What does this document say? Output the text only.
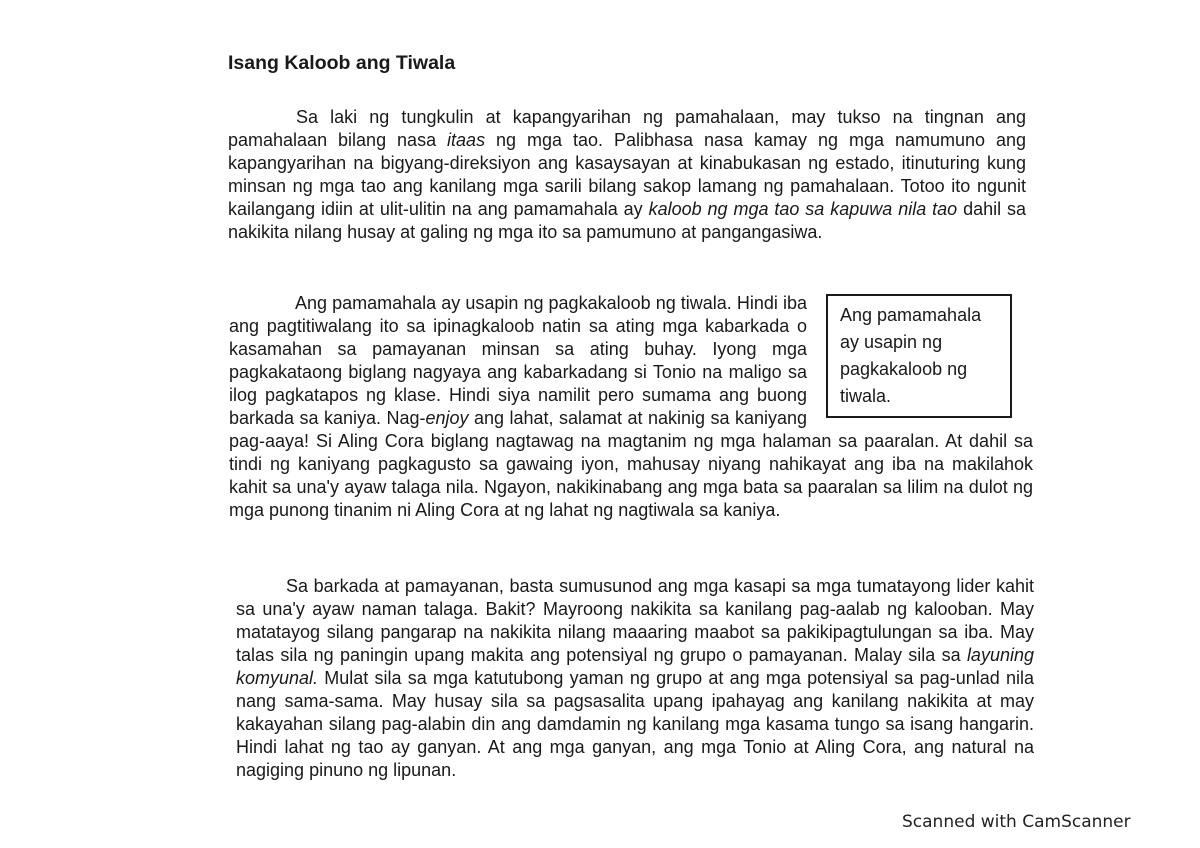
Isang Kaloob ang Tiwala
Sa laki ng tungkulin at kapangyarihan ng pamahalaan, may tukso na tingnan ang pamahalaan bilang nasa itaas ng mga tao. Palibhasa nasa kamay ng mga namumuno ang kapangyarihan na bigyang-direksiyon ang kasaysayan at kinabukasan ng estado, itinuturing kung minsan ng mga tao ang kanilang mga sarili bilang sakop lamang ng pamahalaan. Totoo ito ngunit kailangang idiin at ulit-ulitin na ang pamamahala ay kaloob ng mga tao sa kapuwa nila tao dahil sa nakikita nilang husay at galing ng mga ito sa pamumuno at pangangasiwa.
Ang pamamahala ay usapin ng pagkakaloob ng tiwala. Hindi iba ang pagtitiwalang ito sa ipinagkaloob natin sa ating mga kabarkada o kasamahan sa pamayanan minsan sa ating buhay. Iyong mga pagkakataong biglang nagyaya ang kabarkadang si Tonio na maligo sa ilog pagkatapos ng klase. Hindi siya namilit pero sumama ang buong barkada sa kaniya. Nag-enjoy ang lahat, salamat at nakinig sa kaniyang pag-aaya! Si Aling Cora biglang nagtawag na magtanim ng mga halaman sa paaralan. At dahil sa tindi ng kaniyang pagkagusto sa gawaing iyon, mahusay niyang nahikayat ang iba na makilahok kahit sa una'y ayaw talaga nila. Ngayon, nakikinabang ang mga bata sa paaralan sa lilim na dulot ng mga punong tinanim ni Aling Cora at ng lahat ng nagtiwala sa kaniya.
Ang pamamahala
ay usapin ng
pagkakaloob ng
tiwala.
Sa barkada at pamayanan, basta sumusunod ang mga kasapi sa mga tumatayong lider kahit sa una'y ayaw naman talaga. Bakit? Mayroong nakikita sa kanilang pag-aalab ng kalooban. May matatayog silang pangarap na nakikita nilang maaaring maabot sa pakikipagtulungan sa iba. May talas sila ng paningin upang makita ang potensiyal ng grupo o pamayanan. Malay sila sa layuning komyunal. Mulat sila sa mga katutubong yaman ng grupo at ang mga potensiyal sa pag-unlad nila nang sama-sama. May husay sila sa pagsasalita upang ipahayag ang kanilang nakikita at may kakayahan silang pag-alabin din ang damdamin ng kanilang mga kasama tungo sa isang hangarin. Hindi lahat ng tao ay ganyan. At ang mga ganyan, ang mga Tonio at Aling Cora, ang natural na nagiging pinuno ng lipunan.
Scanned with CamScanner
